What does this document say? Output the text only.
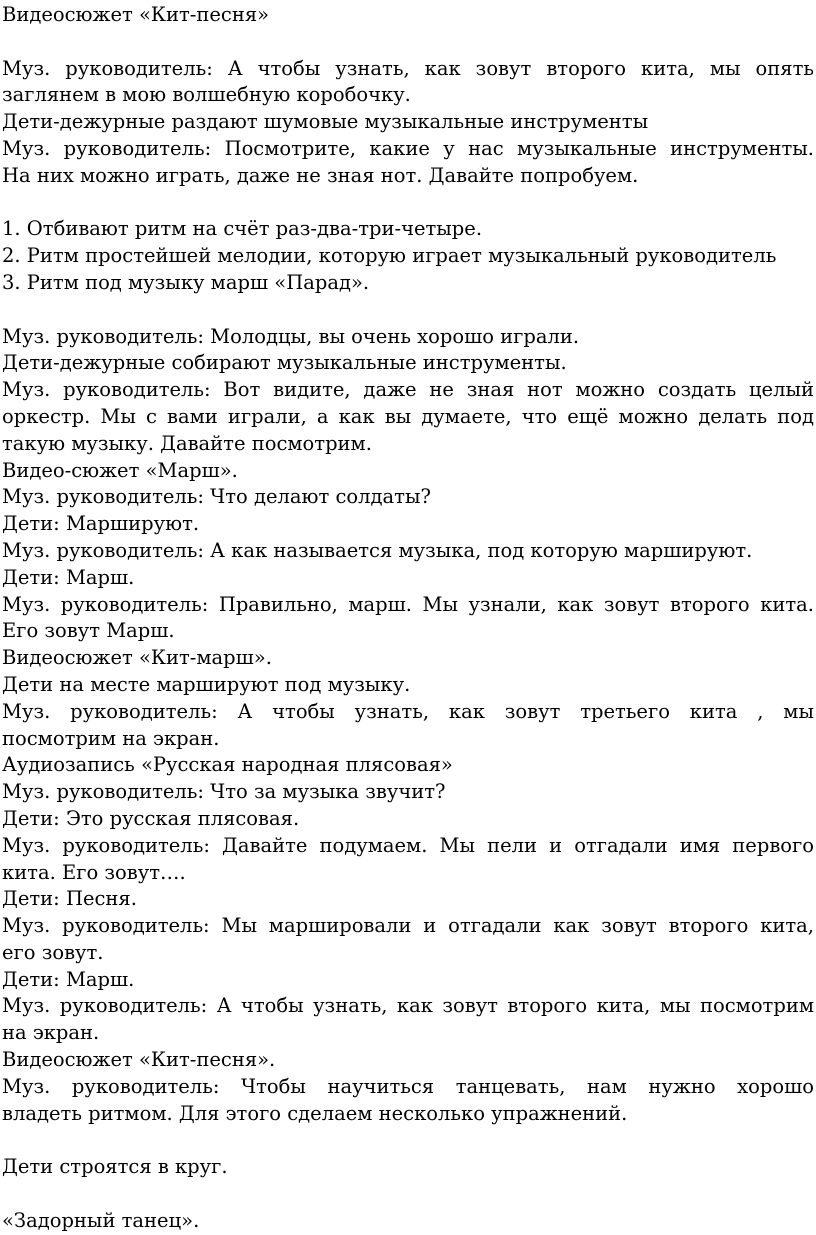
Видеосюжет «Кит-песня»
Муз. руководитель: А чтобы узнать, как зовут второго кита, мы опять
заглянем в мою волшебную коробочку.
Дети-дежурные раздают шумовые музыкальные инструменты
Муз. руководитель: Посмотрите, какие у нас музыкальные инструменты.
На них можно играть, даже не зная нот. Давайте попробуем.
1. Отбивают ритм на счёт раз-два-три-четыре.
2. Ритм простейшей мелодии, которую играет музыкальный руководитель
3. Ритм под музыку марш «Парад».
Муз. руководитель: Молодцы, вы очень хорошо играли.
Дети-дежурные собирают музыкальные инструменты.
Муз. руководитель: Вот видите, даже не зная нот можно создать целый
оркестр. Мы с вами играли, а как вы думаете, что ещё можно делать под
такую музыку. Давайте посмотрим.
Видео-сюжет «Марш».
Муз. руководитель: Что делают солдаты?
Дети: Маршируют.
Муз. руководитель: А как называется музыка, под которую маршируют.
Дети: Марш.
Муз. руководитель: Правильно, марш. Мы узнали, как зовут второго кита.
Его зовут Марш.
Видеосюжет «Кит-марш».
Дети на месте маршируют под музыку.
Муз. руководитель: А чтобы узнать, как зовут третьего кита , мы
посмотрим на экран.
Аудиозапись «Русская народная плясовая»
Муз. руководитель: Что за музыка звучит?
Дети: Это русская плясовая.
Муз. руководитель: Давайте подумаем. Мы пели и отгадали имя первого
кита. Его зовут….
Дети: Песня.
Муз. руководитель: Мы маршировали и отгадали как зовут второго кита,
его зовут.
Дети: Марш.
Муз. руководитель: А чтобы узнать, как зовут второго кита, мы посмотрим
на экран.
Видеосюжет «Кит-песня».
Муз. руководитель: Чтобы научиться танцевать, нам нужно хорошо
владеть ритмом. Для этого сделаем несколько упражнений.
Дети строятся в круг.
«Задорный танец».
